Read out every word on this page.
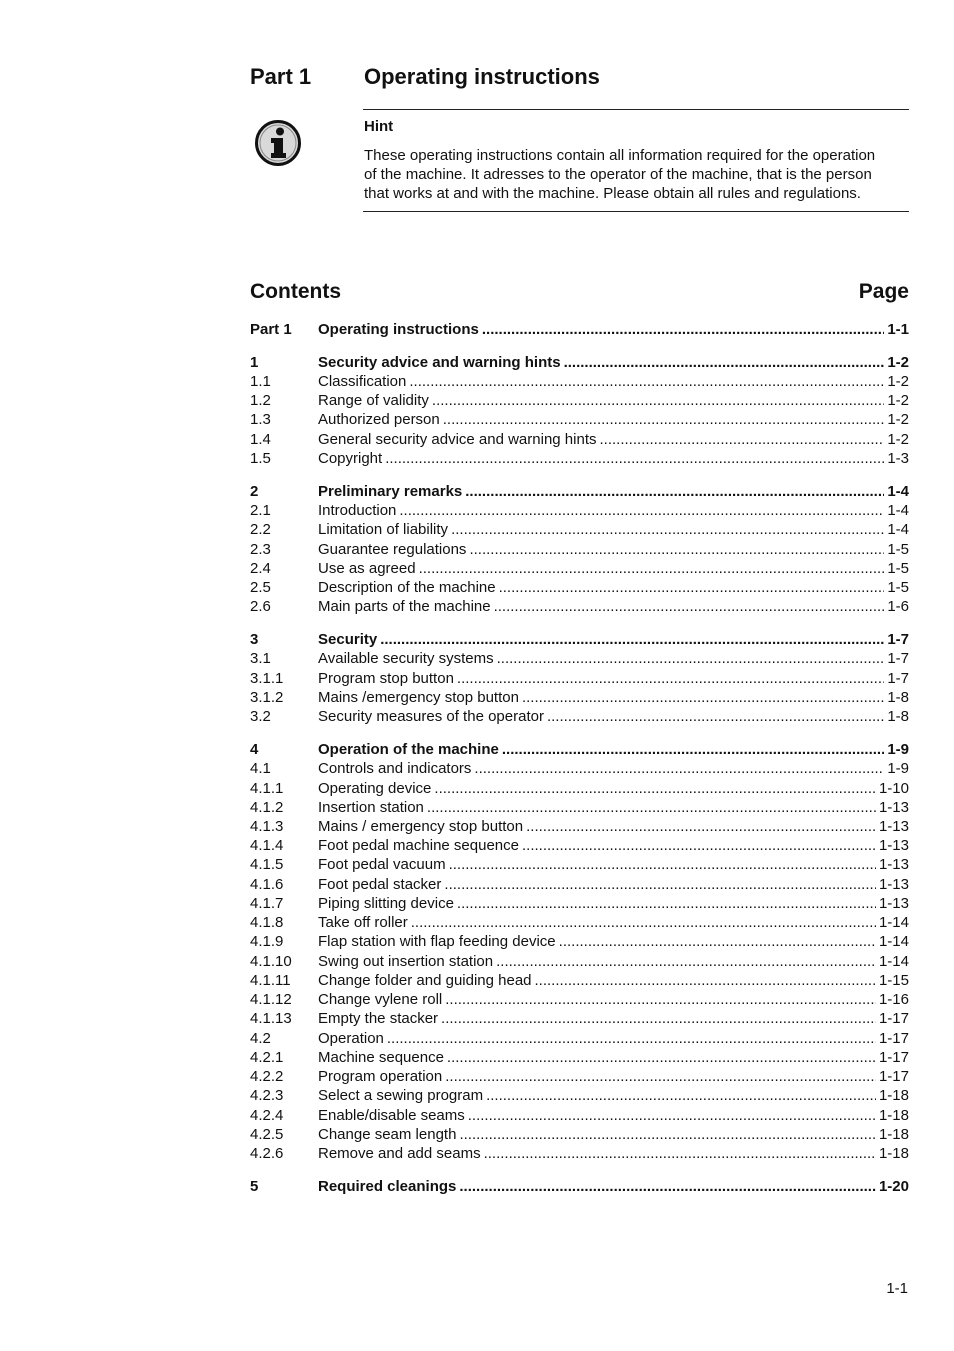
Part 1 Operating instructions
Hint
These operating instructions contain all information required for the operation
of the machine. It adresses to the operator of the machine, that is the person
that works at and with the machine. Please obtain all rules and regulations.
Contents	Page
Part 1 Operating instructions .....	1-1
1	Security advice and warning hints .....	1-2
1.1	Classification .....	1-2
1.2	Range of validity .....	1-2
1.3	Authorized person .....	1-2
1.4	General security advice and warning hints .....	1-2
1.5	Copyright .....	1-3
2	Preliminary remarks .....	1-4
2.1	Introduction .....	1-4
2.2	Limitation of liability .....	1-4
2.3	Guarantee regulations .....	1-5
2.4	Use as agreed .....	1-5
2.5	Description of the machine .....	1-5
2.6	Main parts of the machine .....	1-6
3	Security .....	1-7
3.1	Available security systems .....	1-7
3.1.1 Program stop button .....	1-7
3.1.2 Mains /emergency stop button .....	1-8
3.2	Security measures of the operator .....	1-8
4	Operation of the machine .....	1-9
4.1	Controls and indicators .....	1-9
4.1.1 Operating device .....	1-10
4.1.2 Insertion station .....	1-13
4.1.3 Mains / emergency stop button .....	1-13
4.1.4 Foot pedal machine sequence .....	1-13
4.1.5 Foot pedal vacuum .....	1-13
4.1.6 Foot pedal stacker .....	1-13
4.1.7 Piping slitting device .....	1-13
4.1.8 Take off roller .....	1-14
4.1.9 Flap station with flap feeding device .....	1-14
4.1.10 Swing out insertion station .....	1-14
4.1.11 Change folder and guiding head .....	1-15
4.1.12 Change vylene roll .....	1-16
4.1.13 Empty the stacker .....	1-17
4.2	Operation .....	1-17
4.2.1 Machine sequence .....	1-17
4.2.2 Program operation .....	1-17
4.2.3 Select a sewing program .....	1-18
4.2.4 Enable/disable seams .....	1-18
4.2.5 Change seam length .....	1-18
4.2.6 Remove and add seams .....	1-18
5	Required cleanings .....	1-20
1-1
